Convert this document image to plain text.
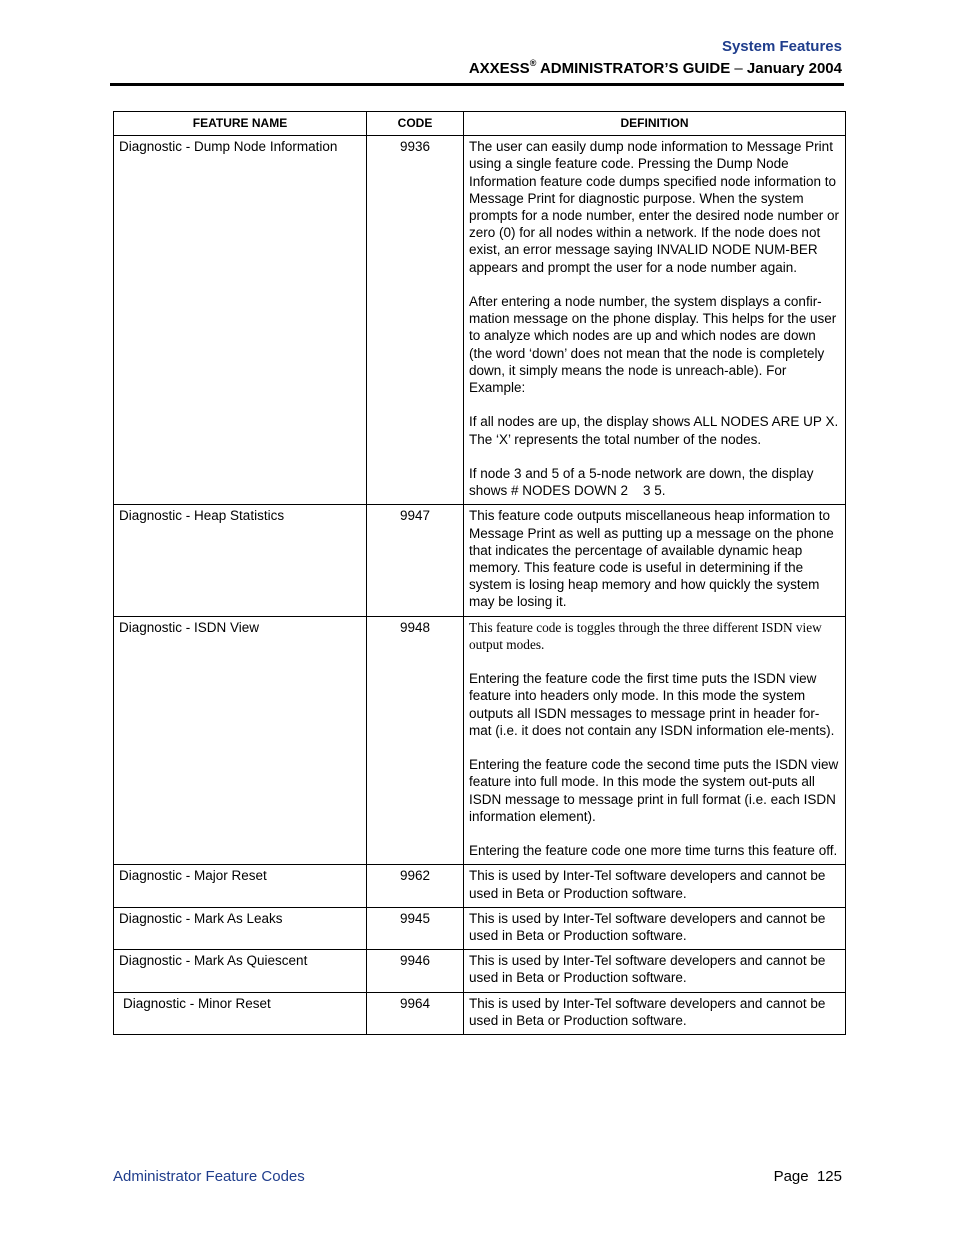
System Features
AXXESS® ADMINISTRATOR’S GUIDE – January 2004
FEATURE NAME	CODE	DEFINITION
Diagnostic - Dump Node Information	9936	The user can easily dump node information to Message Print using a single feature code. Pressing the Dump Node Information feature code dumps specified node information to Message Print for diagnostic purpose. When the system prompts for a node number, enter the desired node number or zero (0) for all nodes within a network. If the node does not exist, an error message saying INVALID NODE NUM-BER appears and prompt the user for a node number again.
After entering a node number, the system displays a confir-mation message on the phone display. This helps for the user to analyze which nodes are up and which nodes are down (the word ‘down’ does not mean that the node is completely down, it simply means the node is unreach-able). For Example:
If all nodes are up, the display shows ALL NODES ARE UP X. The ‘X’ represents the total number of the nodes.
If node 3 and 5 of a 5-node network are down, the display shows # NODES DOWN 2    3 5.

Diagnostic - Heap Statistics	9947	This feature code outputs miscellaneous heap information to Message Print as well as putting up a message on the phone that indicates the percentage of available dynamic heap memory. This feature code is useful in determining if the system is losing heap memory and how quickly the system may be losing it.

Diagnostic - ISDN View	9948	This feature code is toggles through the three different ISDN view output modes.
Entering the feature code the first time puts the ISDN view feature into headers only mode. In this mode the system outputs all ISDN messages to message print in header for-mat (i.e. it does not contain any ISDN information ele-ments).
Entering the feature code the second time puts the ISDN view feature into full mode. In this mode the system out-puts all ISDN message to message print in full format (i.e. each ISDN information element).
Entering the feature code one more time turns this feature off.

Diagnostic - Major Reset	9962	This is used by Inter-Tel software developers and cannot be used in Beta or Production software.

Diagnostic - Mark As Leaks	9945	This is used by Inter-Tel software developers and cannot be used in Beta or Production software.

Diagnostic - Mark As Quiescent	9946	This is used by Inter-Tel software developers and cannot be used in Beta or Production software.

Diagnostic - Minor Reset	9964	This is used by Inter-Tel software developers and cannot be used in Beta or Production software.
Administrator Feature Codes	Page 125
